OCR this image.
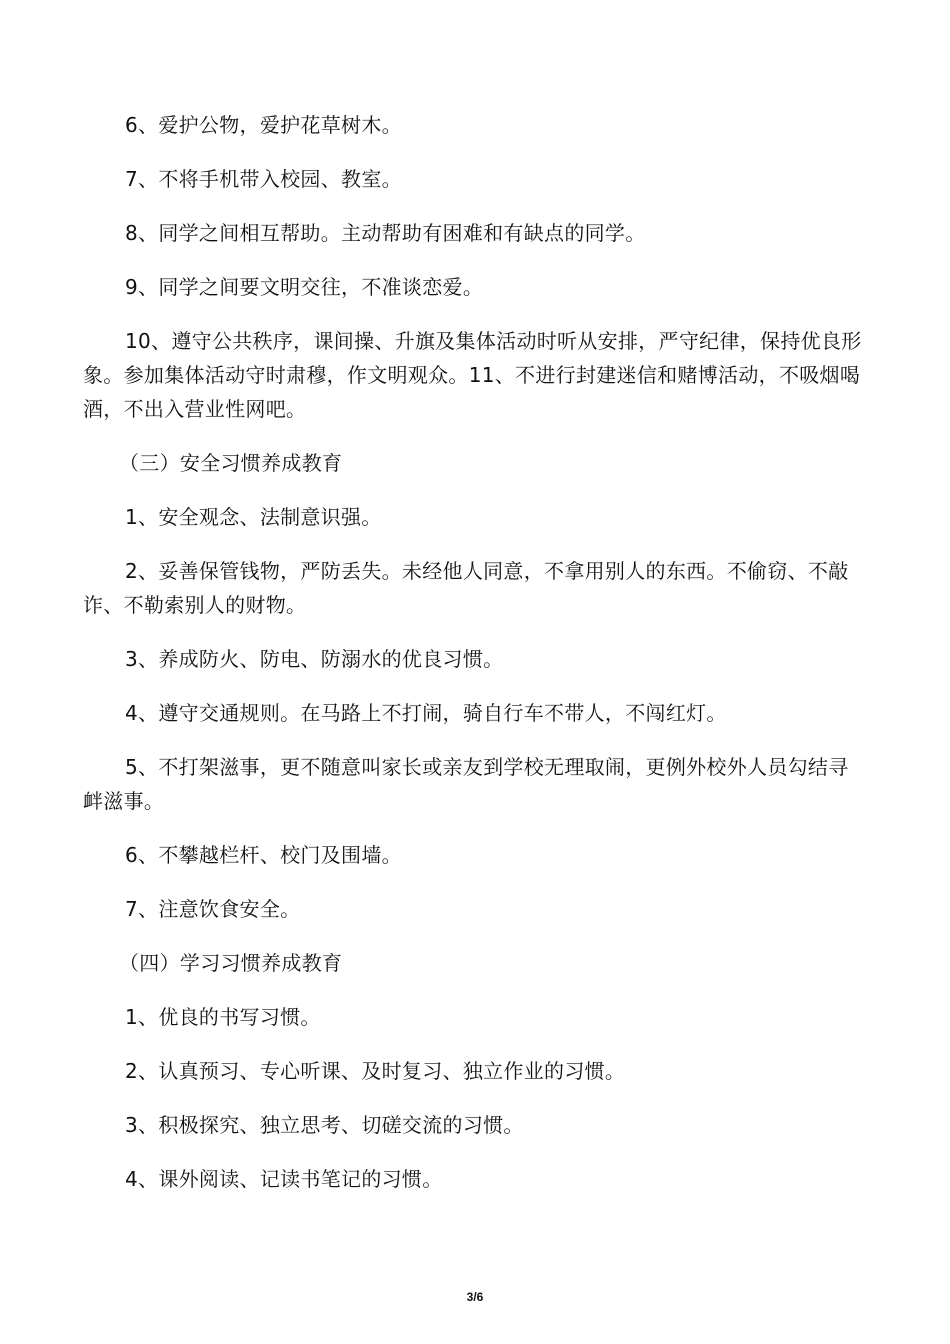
6、爱护公物，爱护花草树木。

7、不将手机带入校园、教室。

8、同学之间相互帮助。主动帮助有困难和有缺点的同学。

9、同学之间要文明交往，不准谈恋爱。

10、遵守公共秩序，课间操、升旗及集体活动时听从安排，严守纪律，保持优良形象。参加集体活动守时肃穆，作文明观众。11、不进行封建迷信和赌博活动，不吸烟喝酒，不出入营业性网吧。

（三）安全习惯养成教育

1、安全观念、法制意识强。

2、妥善保管钱物，严防丢失。未经他人同意，不拿用别人的东西。不偷窃、不敲诈、不勒索别人的财物。

3、养成防火、防电、防溺水的优良习惯。

4、遵守交通规则。在马路上不打闹，骑自行车不带人，不闯红灯。

5、不打架滋事，更不随意叫家长或亲友到学校无理取闹，更例外校外人员勾结寻衅滋事。

6、不攀越栏杆、校门及围墙。

7、注意饮食安全。

（四）学习习惯养成教育

1、优良的书写习惯。

2、认真预习、专心听课、及时复习、独立作业的习惯。

3、积极探究、独立思考、切磋交流的习惯。

4、课外阅读、记读书笔记的习惯。

3/6
